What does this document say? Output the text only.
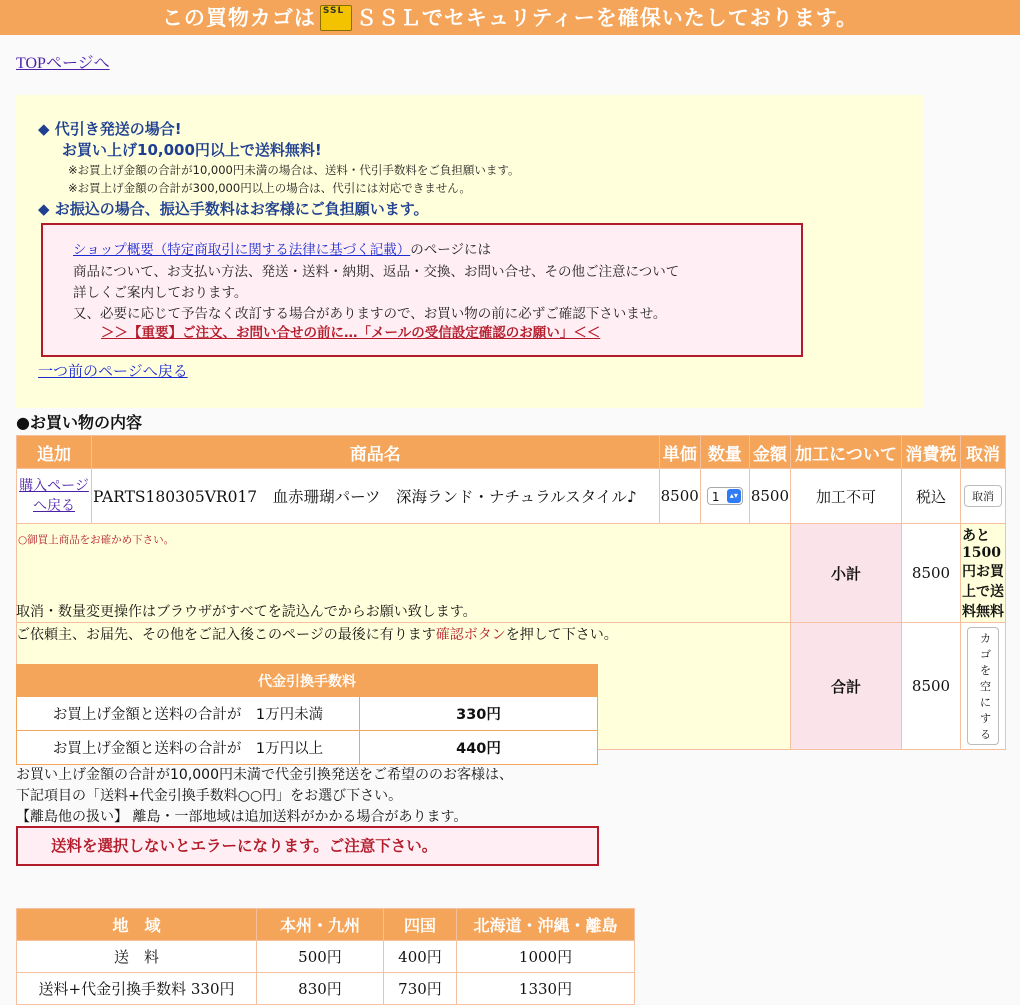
この買物カゴは SSL ＳＳＬでセキュリティーを確保いたしております。
TOPページへ
◆ 代引き発送の場合!
お買い上げ10,000円以上で送料無料!
※お買上げ金額の合計が10,000円未満の場合は、送料・代引手数料をご負担願います。
※お買上げ金額の合計が300,000円以上の場合は、代引には対応できません。
◆ お振込の場合、振込手数料はお客様にご負担願います。
ショップ概要（特定商取引に関する法律に基づく記載）のページには
商品について、お支払い方法、発送・送料・納期、返品・交換、お問い合せ、その他ご注意について
詳しくご案内しております。
又、必要に応じて予告なく改訂する場合がありますので、お買い物の前に必ずご確認下さいませ。
＞＞【重要】ご注文、お問い合せの前に…「メールの受信設定確認のお願い」＜＜
一つ前のページへ戻る
●お買い物の内容
追加	商品名	単価	数量	金額	加工について	消費税	取消
購入ページ
へ戻る	PARTS180305VR017　血赤珊瑚パーツ　深海ランド・ナチュラルスタイル♪	8500	1 ▴▾	8500	加工不可	税込	取消
○御買上商品をお確かめ下さい。					小計	8500	あと1500円お買上で送料無料
					合計	8500	カゴを空にする
取消・数量変更操作はブラウザがすべてを読込んでからお願い致します。
ご依頼主、お届先、その他をご記入後このページの最後に有ります確認ボタンを押して下さい。
代金引換手数料	
お買上げ金額と送料の合計が　1万円未満	330円
お買上げ金額と送料の合計が　1万円以上	440円
お買い上げ金額の合計が10,000円未満で代金引換発送をご希望ののお客様は、
下記項目の「送料+代金引換手数料○○円」をお選び下さい。
【離島他の扱い】 離島・一部地域は追加送料がかかる場合があります。
送料を選択しないとエラーになります。ご注意下さい。
地　域	本州・九州	四国	北海道・沖縄・離島
送　料	500円	400円	1000円
送料+代金引換手数料 330円	830円	730円	1330円
